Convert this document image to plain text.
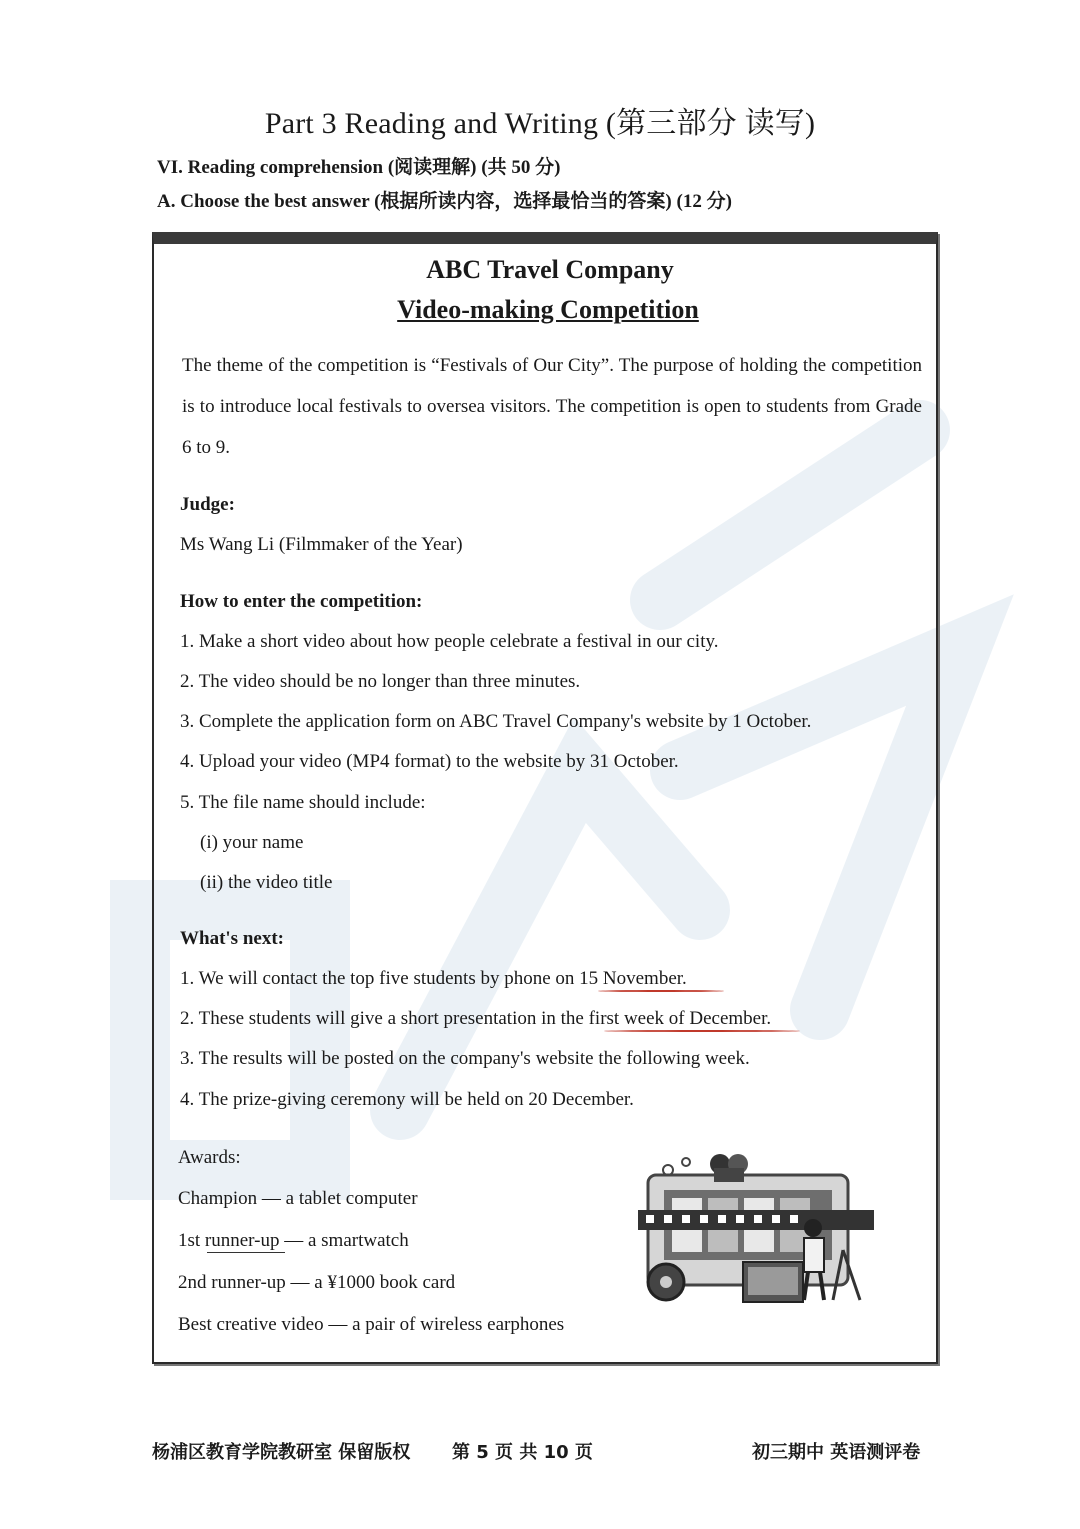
Part 3 Reading and Writing (第三部分 读写)
VI. Reading comprehension (阅读理解) (共 50 分)
A. Choose the best answer (根据所读内容，选择最恰当的答案) (12 分)
ABC Travel Company
Video-making Competition
The theme of the competition is “Festivals of Our City”. The purpose of holding the competition is to introduce local festivals to oversea visitors. The competition is open to students from Grade 6 to 9.
Judge:
Ms Wang Li (Filmmaker of the Year)
How to enter the competition:
1. Make a short video about how people celebrate a festival in our city.
2. The video should be no longer than three minutes.
3. Complete the application form on ABC Travel Company's website by 1 October.
4. Upload your video (MP4 format) to the website by 31 October.
5. The file name should include:
(i) your name
(ii) the video title
What's next:
1. We will contact the top five students by phone on 15 November.
2. These students will give a short presentation in the first week of December.
3. The results will be posted on the company's website the following week.
4. The prize-giving ceremony will be held on 20 December.
Awards:
Champion — a tablet computer
1st runner-up — a smartwatch
2nd runner-up — a ¥1000 book card
Best creative video — a pair of wireless earphones
杨浦区教育学院教研室 保留版权 第 5 页 共 10 页	初三期中 英语测评卷
